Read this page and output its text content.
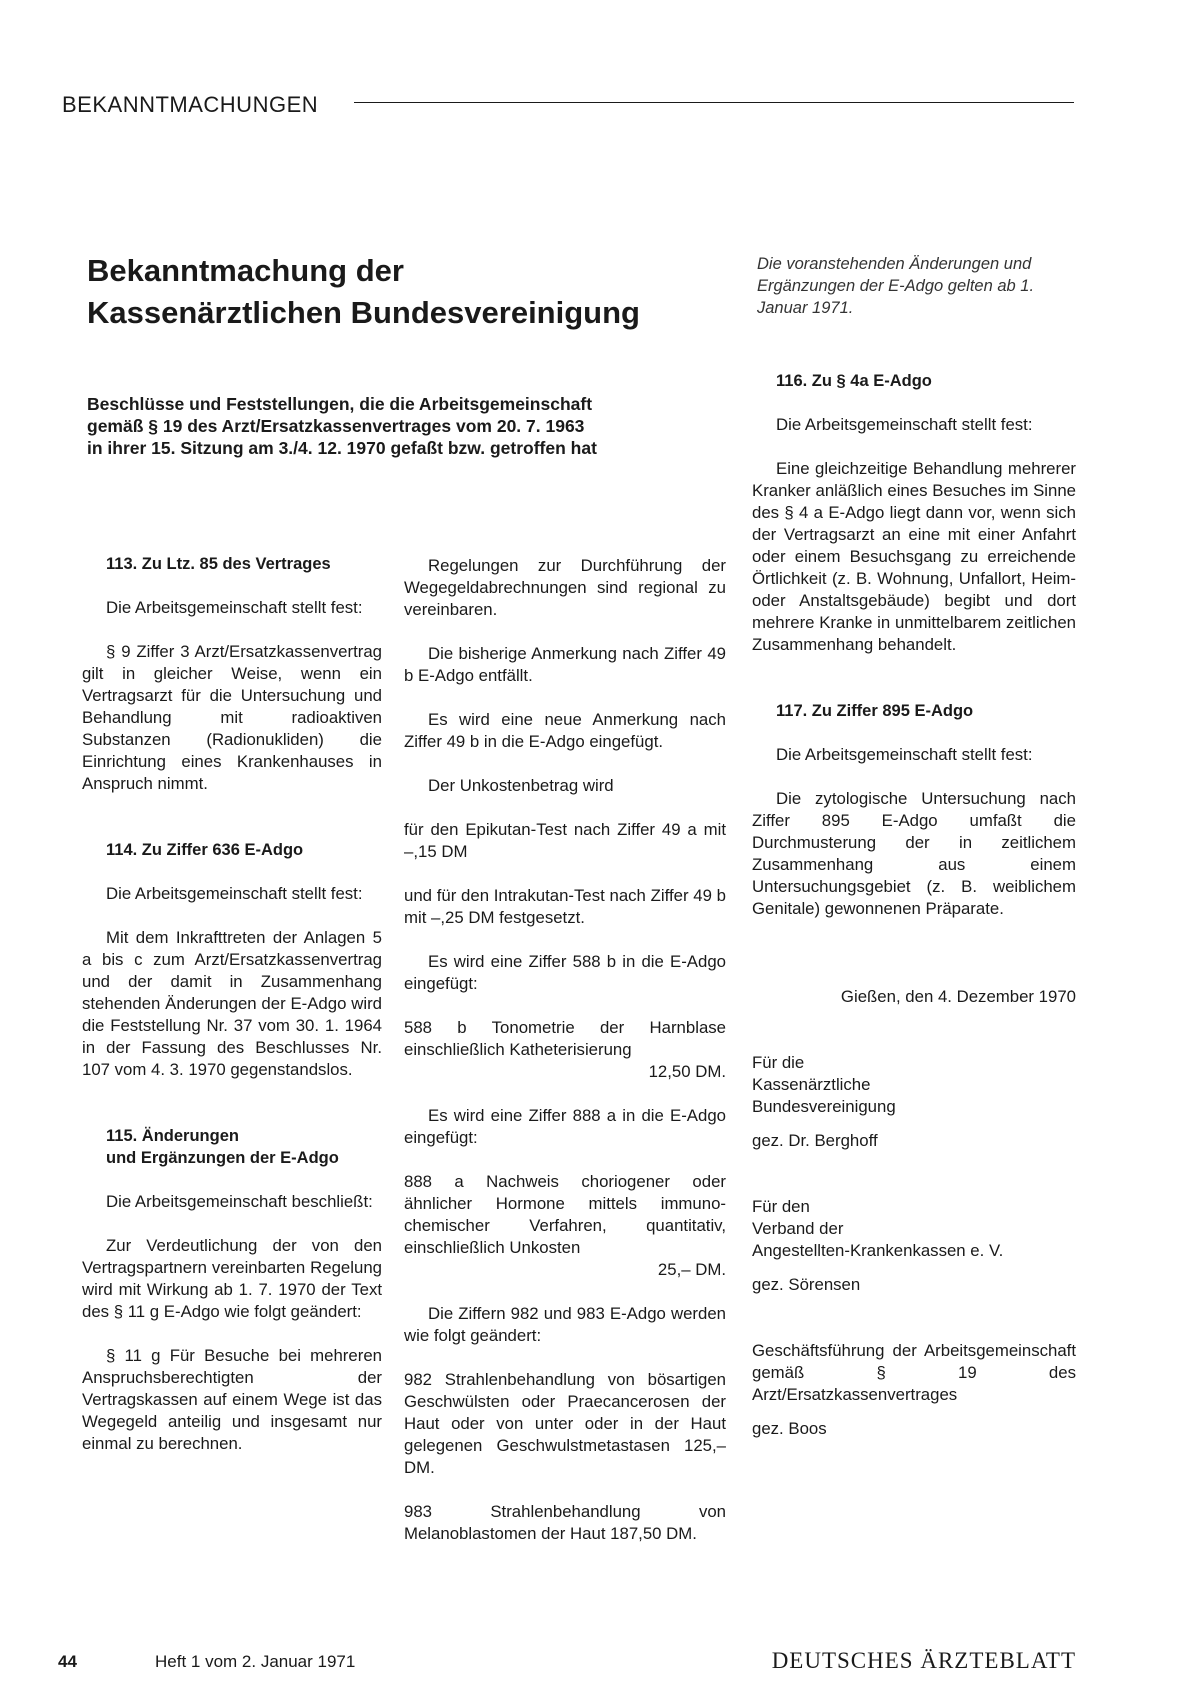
BEKANNTMACHUNGEN
Bekanntmachung der
Kassenärztlichen Bundesvereinigung
Die voranstehenden Änderungen und Ergänzungen der E-Adgo gelten ab 1. Januar 1971.
Beschlüsse und Feststellungen, die die Arbeitsgemeinschaft
gemäß § 19 des Arzt/Ersatzkassenvertrages vom 20. 7. 1963
in ihrer 15. Sitzung am 3./4. 12. 1970 gefaßt bzw. getroffen hat

113. Zu Ltz. 85 des Vertrages

Die Arbeitsgemeinschaft stellt fest:

§ 9 Ziffer 3 Arzt/Ersatzkassenvertrag gilt in gleicher Weise, wenn ein Vertragsarzt für die Untersuchung und Behandlung mit radioaktiven Substanzen (Radionukliden) die Einrichtung eines Krankenhauses in Anspruch nimmt.

114. Zu Ziffer 636 E-Adgo

Die Arbeitsgemeinschaft stellt fest:

Mit dem Inkrafttreten der Anlagen 5 a bis c zum Arzt/Ersatzkassenvertrag und der damit in Zusammenhang stehenden Änderungen der E-Adgo wird die Feststellung Nr. 37 vom 30. 1. 1964 in der Fassung des Beschlusses Nr. 107 vom 4. 3. 1970 gegenstandslos.

115. Änderungen
und Ergänzungen der E-Adgo

Die Arbeitsgemeinschaft beschließt:

Zur Verdeutlichung der von den Vertragspartnern vereinbarten Regelung wird mit Wirkung ab 1. 7. 1970 der Text des § 11 g E-Adgo wie folgt geändert:

§ 11 g Für Besuche bei mehreren Anspruchsberechtigten der Vertragskassen auf einem Wege ist das Wegegeld anteilig und insgesamt nur einmal zu berechnen.

Regelungen zur Durchführung der Wegegeldabrechnungen sind regional zu vereinbaren.

Die bisherige Anmerkung nach Ziffer 49 b E-Adgo entfällt.

Es wird eine neue Anmerkung nach Ziffer 49 b in die E-Adgo eingefügt.

Der Unkostenbetrag wird

für den Epikutan-Test nach Ziffer 49 a mit –,15 DM

und für den Intrakutan-Test nach Ziffer 49 b mit –,25 DM festgesetzt.

Es wird eine Ziffer 588 b in die E-Adgo eingefügt:

588 b Tonometrie der Harnblase einschließlich Katheterisierung

12,50 DM.

Es wird eine Ziffer 888 a in die E-Adgo eingefügt:

888 a Nachweis choriogener oder ähnlicher Hormone mittels immuno-chemischer Verfahren, quantitativ, einschließlich Unkosten

25,– DM.

Die Ziffern 982 und 983 E-Adgo werden wie folgt geändert:

982 Strahlenbehandlung von bösartigen Geschwülsten oder Praecancerosen der Haut oder von unter oder in der Haut gelegenen Geschwulstmetastasen 125,– DM.

983 Strahlenbehandlung von Melanoblastomen der Haut 187,50 DM.

116. Zu § 4a E-Adgo

Die Arbeitsgemeinschaft stellt fest:

Eine gleichzeitige Behandlung mehrerer Kranker anläßlich eines Besuches im Sinne des § 4 a E-Adgo liegt dann vor, wenn sich der Vertragsarzt an eine mit einer Anfahrt oder einem Besuchsgang zu erreichende Örtlichkeit (z. B. Wohnung, Unfallort, Heim- oder Anstaltsgebäude) begibt und dort mehrere Kranke in unmittelbarem zeitlichen Zusammenhang behandelt.

117. Zu Ziffer 895 E-Adgo

Die Arbeitsgemeinschaft stellt fest:

Die zytologische Untersuchung nach Ziffer 895 E-Adgo umfaßt die Durchmusterung der in zeitlichem Zusammenhang aus einem Untersuchungsgebiet (z. B. weiblichem Genitale) gewonnenen Präparate.

Gießen, den 4. Dezember 1970

Für die

Kassenärztliche

Bundesvereinigung

gez. Dr. Berghoff

Für den

Verband der

Angestellten-Krankenkassen e. V.

gez. Sörensen

Geschäftsführung der Arbeitsgemeinschaft gemäß § 19 des Arzt/Ersatzkassenvertrages

gez. Boos

44	Heft 1 vom 2. Januar 1971	DEUTSCHES ÄRZTEBLATT
